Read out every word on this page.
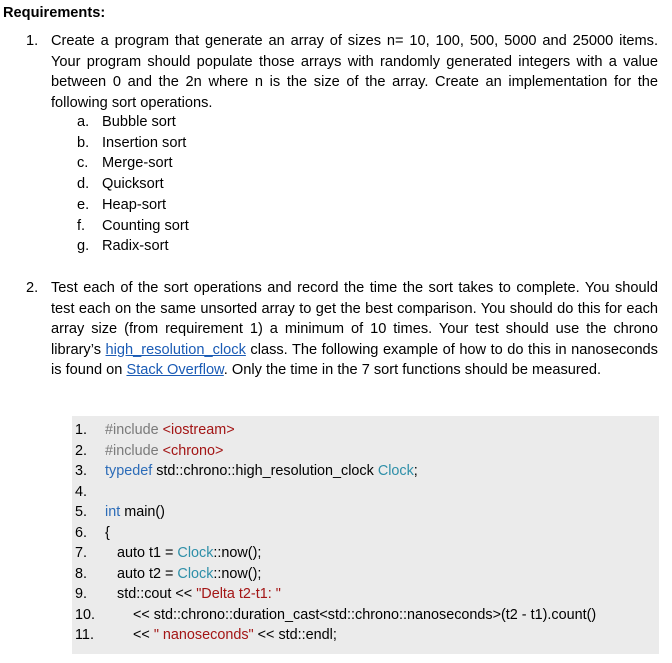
Requirements:

1. Create a program that generate an array of sizes n= 10, 100, 500, 5000 and 25000 items. Your program should populate those arrays with randomly generated integers with a value between 0 and the 2n where n is the size of the array. Create an implementation for the following sort operations.

a. Bubble sort
b. Insertion sort
c. Merge-sort
d. Quicksort
e. Heap-sort
f. Counting sort
g. Radix-sort
2. Test each of the sort operations and record the time the sort takes to complete. You should test each on the same unsorted array to get the best comparison. You should do this for each array size (from requirement 1) a minimum of 10 times. Your test should use the chrono library’s high_resolution_clock class. The following example of how to do this in nanoseconds is found on Stack Overflow. Only the time in the 7 sort functions should be measured.

1. #include <iostream>
2. #include <chrono>
3. typedef std::chrono::high_resolution_clock Clock;
4.
5. int main()
6. {
7. auto t1 = Clock::now();
8. auto t2 = Clock::now();
9. std::cout << "Delta t2-t1: "
10.	<< std::chrono::duration_cast<std::chrono::nanoseconds>(t2 - t1).count()
11.	<< " nanoseconds" << std::endl;
